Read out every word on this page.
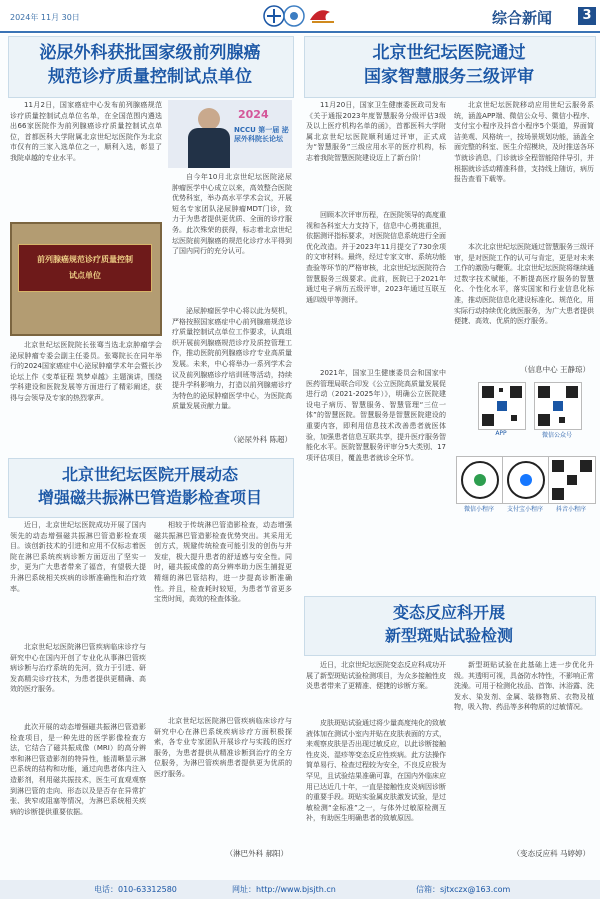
2024年 11月 30日	综合新闻	3
泌尿外科获批国家级前列腺癌
规范诊疗质量控制试点单位
11月2日，国家癌症中心发布前列腺癌规范诊疗质量控制试点单位名单，在全国范围内遴选出66家医院作为前列腺癌诊疗质量控制试点单位，首都医科大学附属北京世纪坛医院作为北京市仅有的三家入选单位之一，顺利入选，彰显了我院卓越的专业水平。
2024
NCCU 第一届 泌尿外科院长论坛
前列腺癌规范诊疗质量控制
试点单位
自今年10月北京世纪坛医院泌尿肿瘤医学中心成立以来，高效整合医院优势科室，举办高水平学术会议，开展短名专家团队泌尿肿瘤MDT门诊，致力于为患者提供更优质、全面的诊疗服务。此次殊荣的获得，标志着北京世纪坛医院前列腺癌的规范化诊疗水平得到了国内同行的充分认可。
北京世纪坛医院院长张骞当选北京肿瘤学会泌尿肿瘤专委会副主任委员。张骞院长在同年举行的2024国家癌症中心泌尿肿瘤学术年会暨长沙论坛上作《变革征程 筑梦卓越》主题演讲，围绕学科建设和医院发展等方面进行了精彩阐述，获得与会领导及专家的热烈掌声。
泌尿肿瘤医学中心将以此为契机，严格按照国家癌症中心前列腺癌规范诊疗质量控制试点单位工作要求，认真组织开展前列腺癌规范诊疗及质控管理工作，推动医院前列腺癌诊疗专业高质量发展。未来，中心将举办一系列学术会议及前列腺癌诊疗培训班等活动，持续提升学科影响力，打造以前列腺癌诊疗为特色的泌尿肿瘤医学中心，为医院高质量发展贡献力量。
（泌尿外科 陈超）
北京世纪坛医院通过
国家智慧服务三级评审
11月20日，国家卫生健康委医政司发布《关于通报2023年度智慧服务分级评估3级及以上医疗机构名单的函》，首都医科大学附属北京世纪坛医院顺利通过评审，正式成为“智慧服务”三级应用水平的医疗机构，标志着我院智慧医院建设迈上了新台阶！
回顾本次评审历程，在医院领导的高度重视和各科室大力支持下，信息中心勇挑重担，依据测评指标要求，对医院信息系统进行全面优化改造。并于2023年11月提交了730余项的文审材料。最终，经过专家文审、系统功能查验等环节的严格审核，北京世纪坛医院符合智慧服务三级要求。此前，医院已于2021年通过电子病历五级评审，2023年通过互联互通四级甲等测评。
2021年，国家卫生健康委员会和国家中医药管理局联合印发《公立医院高质量发展促进行动（2021-2025年）》，明确公立医院建设电子病历、智慧服务、智慧管理“三位一体”的智慧医院。智慧服务是智慧医院建设的重要内容，即利用信息技术改善患者就医体验，加强患者信息互联共享，提升医疗服务智能化水平。医院智慧服务评审分5大类别、17项评估项目，覆盖患者就诊全环节。
北京世纪坛医院移动应用世纪云服务系统，涵盖APP端、微信公众号、微信小程序、支付宝小程序及抖音小程序5个渠道，界面简洁美观、风格统一，按场景规划功能，涵盖全面完整的科室、医生介绍模块，及时推送各环节就诊消息，门诊就诊全程智能陪伴导引，并根据就诊活动精准科普，支持线上随访，病历报告查看下载等。
本次北京世纪坛医院通过智慧服务三级评审，是对医院工作的认可与肯定，更是对未来工作的激励与鞭策。北京世纪坛医院将继续通过数字技术赋能，不断提高医疗服务的智慧化、个性化水平，落实国家和行业信息化标准，推动医院信息化建设标准化、规范化，用实际行动持续优化就医服务，为广大患者提供便捷、高效、优质的医疗服务。
（信息中心 王静琼）
APP	微信公众号
微信小程序	支付宝小程序	抖音小程序
北京世纪坛医院开展动态
增强磁共振淋巴管造影检查项目
近日，北京世纪坛医院成功开展了国内领先的动态增强磁共振淋巴管造影检查项目。该创新技术的引进和应用不仅标志着医院在淋巴系统疾病诊断方面迈出了坚实一步，更为广大患者带来了福音，有望极大提升淋巴系统相关疾病的诊断准确性和治疗效率。
北京世纪坛医院淋巴管疾病临床诊疗与研究中心在国内开创了专业化从事淋巴管疾病诊断与治疗系统的先河，致力于引进、研发高精尖诊疗技术，为患者提供更精确、高效的医疗服务。
此次开展的动态增强磁共振淋巴管造影检查项目，是一种先进的医学影像检查方法，它结合了磁共振成像（MRI）的高分辨率和淋巴管造影剂的特异性，能清晰显示淋巴系统的结构和功能，通过向患者体内注入造影剂，利用磁共振技术，医生可直观观察到淋巴管的走向、形态以及是否存在异常扩张、狭窄或阻塞等情况，为淋巴系统相关疾病的诊断提供重要依据。
相较于传统淋巴管造影检查，动态增强磁共振淋巴管造影检查优势突出。其采用无创方式，规避传统检查可能引发的创伤与并发症，极大提升患者的舒适感与安全性。同时，磁共振成像的高分辨率助力医生捕捉更精细的淋巴管结构，进一步提高诊断准确性。并且，检查耗时较短，为患者节省更多宝贵时间，高效的检查体验。
北京世纪坛医院淋巴管疾病临床诊疗与研究中心在淋巴系统疾病诊疗方面积极探索，各专业专家团队开展诊疗与实践的医疗服务，为患者提供从精准诊断到治疗的全方位服务，为淋巴管疾病患者提供更为优质的医疗服务。
（淋巴外科 郝阳）
变态反应科开展
新型斑贴试验检测
近日，北京世纪坛医院变态反应科成功开展了新型斑贴试验检测项目，为众多接触性皮炎患者带来了更精准、便捷的诊断方案。
皮肤斑贴试验通过将少量高度纯化的致敏液体加在测试小室内并贴在皮肤表面的方式，来观察皮肤是否出现过敏反应，以此诊断接触性皮炎、湿疹等变态反应性疾病。此方法操作简单易行、检查过程较为安全，不良反应极为罕见，且试验结果准确可靠，在国内外临床应用已达近几十年，一直是接触性皮炎病因诊断的重要手段。斑贴实验属皮肤激发试验，是过敏检测“金标准”之一，与体外过敏原检测互补，有助医生明确患者的致敏原因。
新型斑贴试验在此基础上进一步优化升级。其透明可视，具备防水特性，不影响正常洗澡。可用于检测化妆品、首饰、沐浴露、洗发水、染发剂、金属、装修物质、衣物及植物，吸入物、药品等多种物质的过敏情况。
（变态反应科 马婷婷）
电话：010-63312580	网址：http://www.bjsjth.cn	信箱：sjtxczx@163.com
